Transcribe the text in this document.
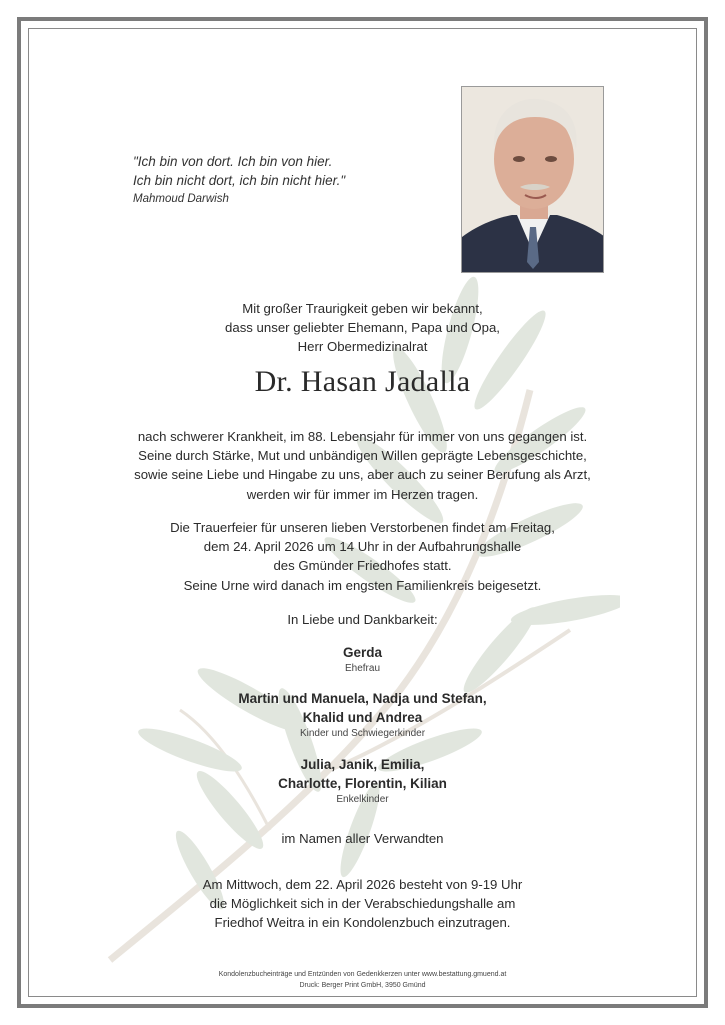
"Ich bin von dort. Ich bin von hier.
Ich bin nicht dort, ich bin nicht hier."
Mahmoud Darwish
Mit großer Traurigkeit geben wir bekannt,
dass unser geliebter Ehemann, Papa und Opa,
Herr Obermedizinalrat
Dr. Hasan Jadalla
nach schwerer Krankheit, im 88. Lebensjahr für immer von uns gegangen ist.
Seine durch Stärke, Mut und unbändigen Willen geprägte Lebensgeschichte,
sowie seine Liebe und Hingabe zu uns, aber auch zu seiner Berufung als Arzt,
werden wir für immer im Herzen tragen.
Die Trauerfeier für unseren lieben Verstorbenen findet am Freitag,
dem 24. April 2026 um 14 Uhr in der Aufbahrungshalle
des Gmünder Friedhofes statt.
Seine Urne wird danach im engsten Familienkreis beigesetzt.
In Liebe und Dankbarkeit:
Gerda
Ehefrau
Martin und Manuela, Nadja und Stefan,
Khalid und Andrea
Kinder und Schwiegerkinder
Julia, Janik, Emilia,
Charlotte, Florentin, Kilian
Enkelkinder
im Namen aller Verwandten
Am Mittwoch, dem 22. April 2026 besteht von 9-19 Uhr
die Möglichkeit sich in der Verabschiedungshalle am
Friedhof Weitra in ein Kondolenzbuch einzutragen.
Kondolenzbucheinträge und Entzünden von Gedenkkerzen unter www.bestattung.gmuend.at
Druck: Berger Print GmbH, 3950 Gmünd
